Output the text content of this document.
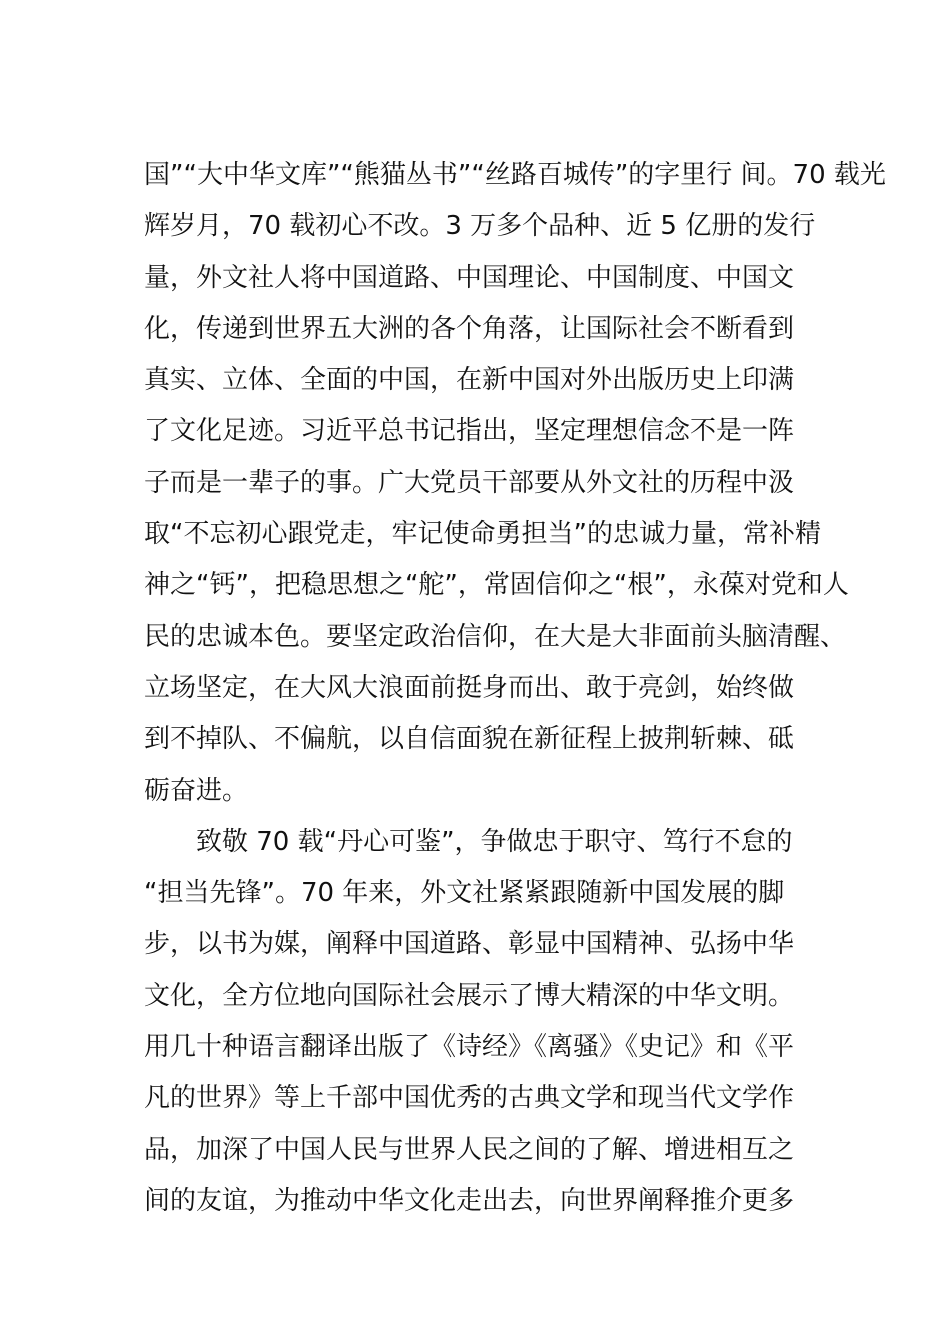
国”“大中华文库”“熊猫丛书”“丝路百城传”的字里行 间。70 载光
辉岁月，70 载初心不改。3 万多个品种、近 5 亿册的发行
量，外文社人将中国道路、中国理论、中国制度、中国文
化，传递到世界五大洲的各个角落，让国际社会不断看到
真实、立体、全面的中国，在新中国对外出版历史上印满
了文化足迹。习近平总书记指出，坚定理想信念不是一阵
子而是一辈子的事。广大党员干部要从外文社的历程中汲
取“不忘初心跟党走，牢记使命勇担当”的忠诚力量，常补精
神之“钙”，把稳思想之“舵”，常固信仰之“根”，永葆对党和人
民的忠诚本色。要坚定政治信仰，在大是大非面前头脑清醒、
立场坚定，在大风大浪面前挺身而出、敢于亮剑，始终做
到不掉队、不偏航，以自信面貌在新征程上披荆斩棘、砥
砺奋进。
致敬 70 载“丹心可鉴”，争做忠于职守、笃行不怠的
“担当先锋”。70 年来，外文社紧紧跟随新中国发展的脚
步，以书为媒，阐释中国道路、彰显中国精神、弘扬中华
文化，全方位地向国际社会展示了博大精深的中华文明。
用几十种语言翻译出版了《诗经》《离骚》《史记》和《平
凡的世界》等上千部中国优秀的古典文学和现当代文学作
品，加深了中国人民与世界人民之间的了解、增进相互之
间的友谊，为推动中华文化走出去，向世界阐释推介更多
